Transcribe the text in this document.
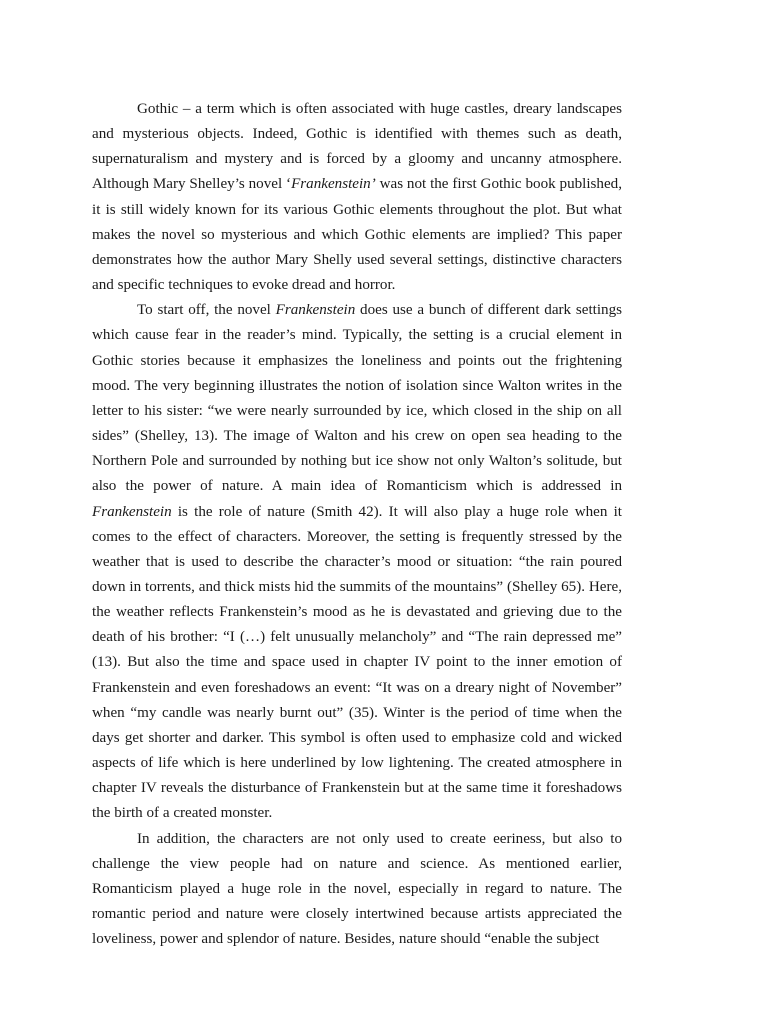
Gothic – a term which is often associated with huge castles, dreary landscapes and mysterious objects. Indeed, Gothic is identified with themes such as death, supernaturalism and mystery and is forced by a gloomy and uncanny atmosphere. Although Mary Shelley’s novel ‘Frankenstein’ was not the first Gothic book published, it is still widely known for its various Gothic elements throughout the plot. But what makes the novel so mysterious and which Gothic elements are implied? This paper demonstrates how the author Mary Shelly used several settings, distinctive characters and specific techniques to evoke dread and horror.

To start off, the novel Frankenstein does use a bunch of different dark settings which cause fear in the reader’s mind. Typically, the setting is a crucial element in Gothic stories because it emphasizes the loneliness and points out the frightening mood. The very beginning illustrates the notion of isolation since Walton writes in the letter to his sister: “we were nearly surrounded by ice, which closed in the ship on all sides” (Shelley, 13). The image of Walton and his crew on open sea heading to the Northern Pole and surrounded by nothing but ice show not only Walton’s solitude, but also the power of nature. A main idea of Romanticism which is addressed in Frankenstein is the role of nature (Smith 42). It will also play a huge role when it comes to the effect of characters. Moreover, the setting is frequently stressed by the weather that is used to describe the character’s mood or situation: “the rain poured down in torrents, and thick mists hid the summits of the mountains” (Shelley 65). Here, the weather reflects Frankenstein’s mood as he is devastated and grieving due to the death of his brother: “I (…) felt unusually melancholy” and “The rain depressed me” (13). But also the time and space used in chapter IV point to the inner emotion of Frankenstein and even foreshadows an event: “It was on a dreary night of November” when “my candle was nearly burnt out” (35). Winter is the period of time when the days get shorter and darker. This symbol is often used to emphasize cold and wicked aspects of life which is here underlined by low lightening. The created atmosphere in chapter IV reveals the disturbance of Frankenstein but at the same time it foreshadows the birth of a created monster.

In addition, the characters are not only used to create eeriness, but also to challenge the view people had on nature and science. As mentioned earlier, Romanticism played a huge role in the novel, especially in regard to nature. The romantic period and nature were closely intertwined because artists appreciated the loveliness, power and splendor of nature. Besides, nature should “enable the subject
